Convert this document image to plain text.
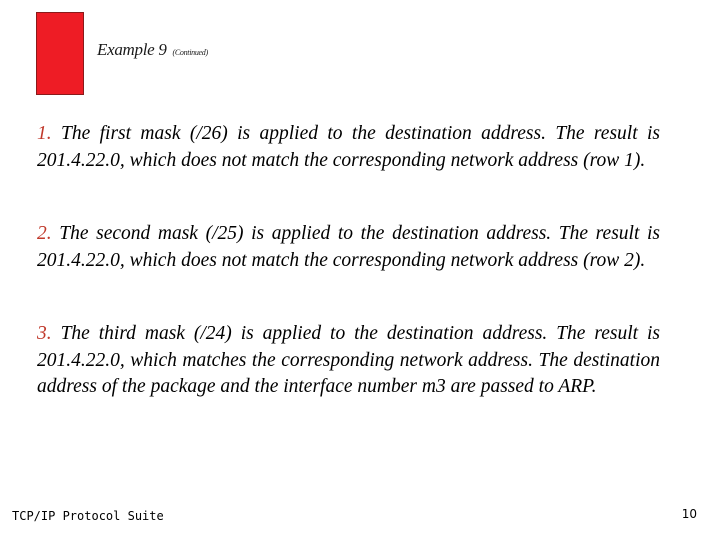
Example 9 (Continued)

1. The first mask (/26) is applied to the destination address. The result is 201.4.22.0, which does not match the corresponding network address (row 1).

2. The second mask (/25) is applied to the destination address. The result is 201.4.22.0, which does not match the corresponding network address (row 2).

3. The third mask (/24) is applied to the destination address. The result is 201.4.22.0, which matches the corresponding network address. The destination address of the package and the interface number m3 are passed to ARP.

TCP/IP Protocol Suite	10
